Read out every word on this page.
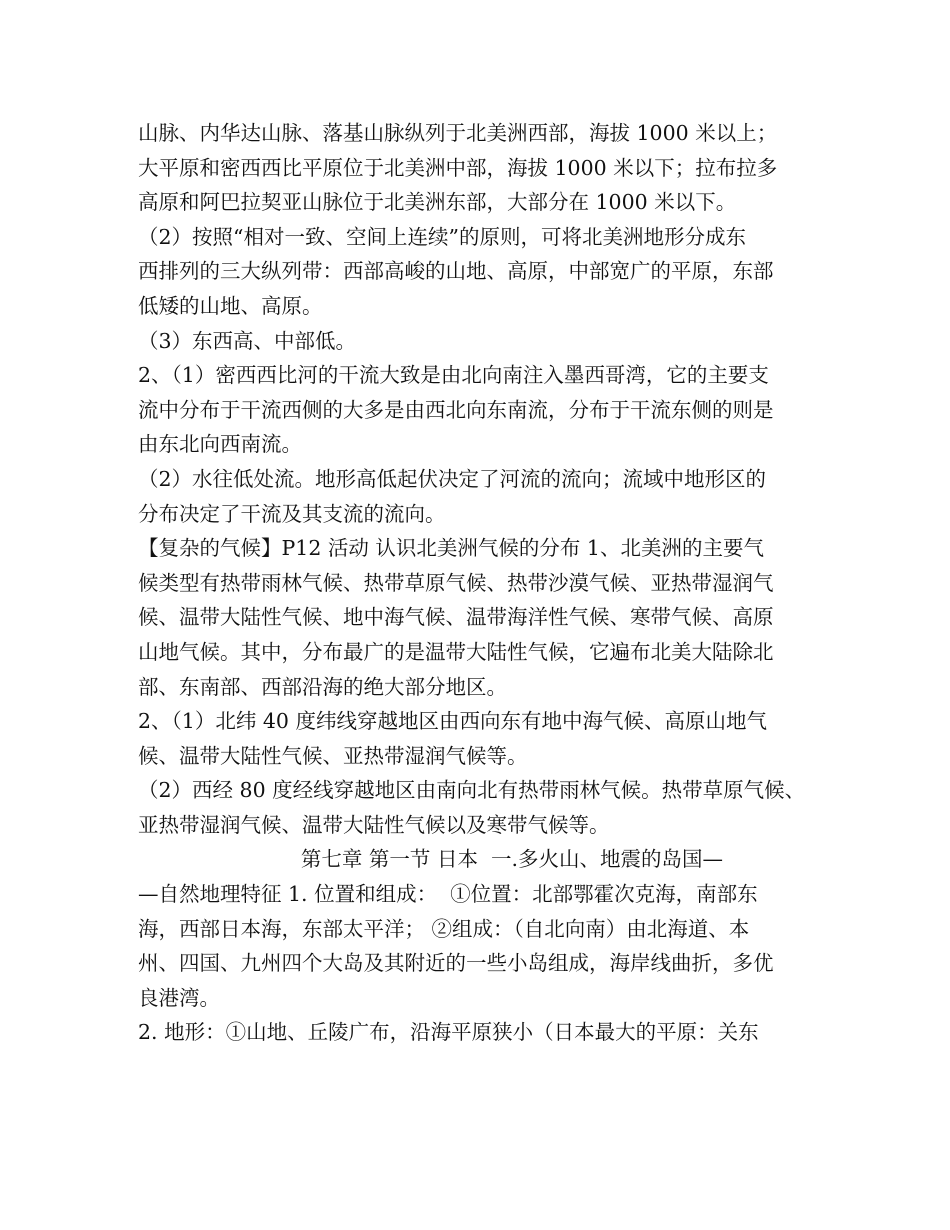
山脉、内华达山脉、落基山脉纵列于北美洲西部，海拔 1000 米以上；
大平原和密西西比平原位于北美洲中部，海拔 1000 米以下；拉布拉多
高原和阿巴拉契亚山脉位于北美洲东部，大部分在 1000 米以下。
（2）按照“相对一致、空间上连续”的原则，可将北美洲地形分成东
西排列的三大纵列带：西部高峻的山地、高原，中部宽广的平原，东部
低矮的山地、高原。
（3）东西高、中部低。
2、（1）密西西比河的干流大致是由北向南注入墨西哥湾，它的主要支
流中分布于干流西侧的大多是由西北向东南流，分布于干流东侧的则是
由东北向西南流。
（2）水往低处流。地形高低起伏决定了河流的流向；流域中地形区的
分布决定了干流及其支流的流向。
【复杂的气候】P12 活动 认识北美洲气候的分布 1、北美洲的主要气
候类型有热带雨林气候、热带草原气候、热带沙漠气候、亚热带湿润气
候、温带大陆性气候、地中海气候、温带海洋性气候、寒带气候、高原
山地气候。其中，分布最广的是温带大陆性气候，它遍布北美大陆除北
部、东南部、西部沿海的绝大部分地区。
2、（1）北纬 40 度纬线穿越地区由西向东有地中海气候、高原山地气
候、温带大陆性气候、亚热带湿润气候等。
（2）西经 80 度经线穿越地区由南向北有热带雨林气候。热带草原气候、
亚热带湿润气候、温带大陆性气候以及寒带气候等。
第七章 第一节 日本  一.多火山、地震的岛国—
—自然地理特征 1. 位置和组成：  ①位置：北部鄂霍次克海，南部东
海，西部日本海，东部太平洋； ②组成：（自北向南）由北海道、本
州、四国、九州四个大岛及其附近的一些小岛组成，海岸线曲折，多优
良港湾。
2. 地形：①山地、丘陵广布，沿海平原狭小（日本最大的平原：关东
